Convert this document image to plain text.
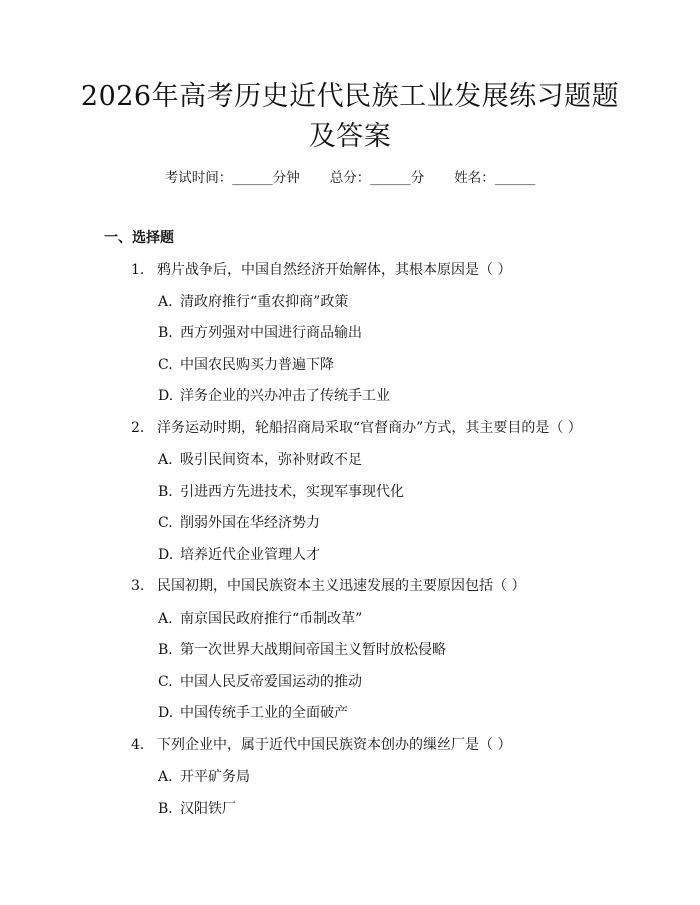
2026年高考历史近代民族工业发展练习题题
及答案
考试时间：______分钟 总分：______分 姓名：______
一、选择题
1. 鸦片战争后，中国自然经济开始解体，其根本原因是（ ）
A. 清政府推行“重农抑商”政策
B. 西方列强对中国进行商品输出
C. 中国农民购买力普遍下降
D. 洋务企业的兴办冲击了传统手工业
2. 洋务运动时期，轮船招商局采取“官督商办”方式，其主要目的是（ ）
A. 吸引民间资本，弥补财政不足
B. 引进西方先进技术，实现军事现代化
C. 削弱外国在华经济势力
D. 培养近代企业管理人才
3. 民国初期，中国民族资本主义迅速发展的主要原因包括（ ）
A. 南京国民政府推行“币制改革”
B. 第一次世界大战期间帝国主义暂时放松侵略
C. 中国人民反帝爱国运动的推动
D. 中国传统手工业的全面破产
4. 下列企业中，属于近代中国民族资本创办的缫丝厂是（ ）
A. 开平矿务局
B. 汉阳铁厂
